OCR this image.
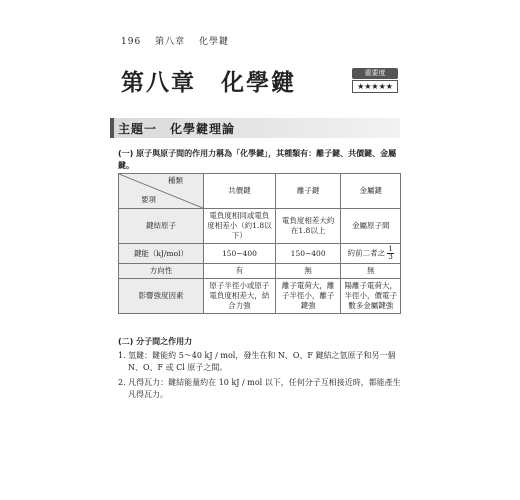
196 第八章 化學鍵
第八章　化學鍵	重要度
★★★★★
主題一　化學鍵理論
(一) 原子與原子間的作用力稱為「化學鍵」，其種類有：離子鍵、共價鍵、金屬鍵。
種類
要項	共價鍵	離子鍵	金屬鍵
鍵結原子	電負度相同或電負度相差小（約1.8以下）	電負度相差大約在1.8以上	金屬原子間
鍵能（kJ/mol）	150~400	150~400	約前二者之 $\frac{1}{3}$

方向性	有	無	無
影響強度因素	原子半徑小或原子電負度相差大，結合力強	離子電荷大，離子半徑小，離子鍵強	陽離子電荷大，半徑小，價電子數多金屬鍵強
(二) 分子間之作用力
1. 氫鍵：鍵能約 5～40 kJ / mol，發生在和 N、O、F 鍵結之氫原子和另一個 N、O、F 或 Cl 原子之間。
2. 凡得瓦力：鍵結能量約在 10 kJ / mol 以下，任何分子互相接近時，都能產生凡得瓦力。
